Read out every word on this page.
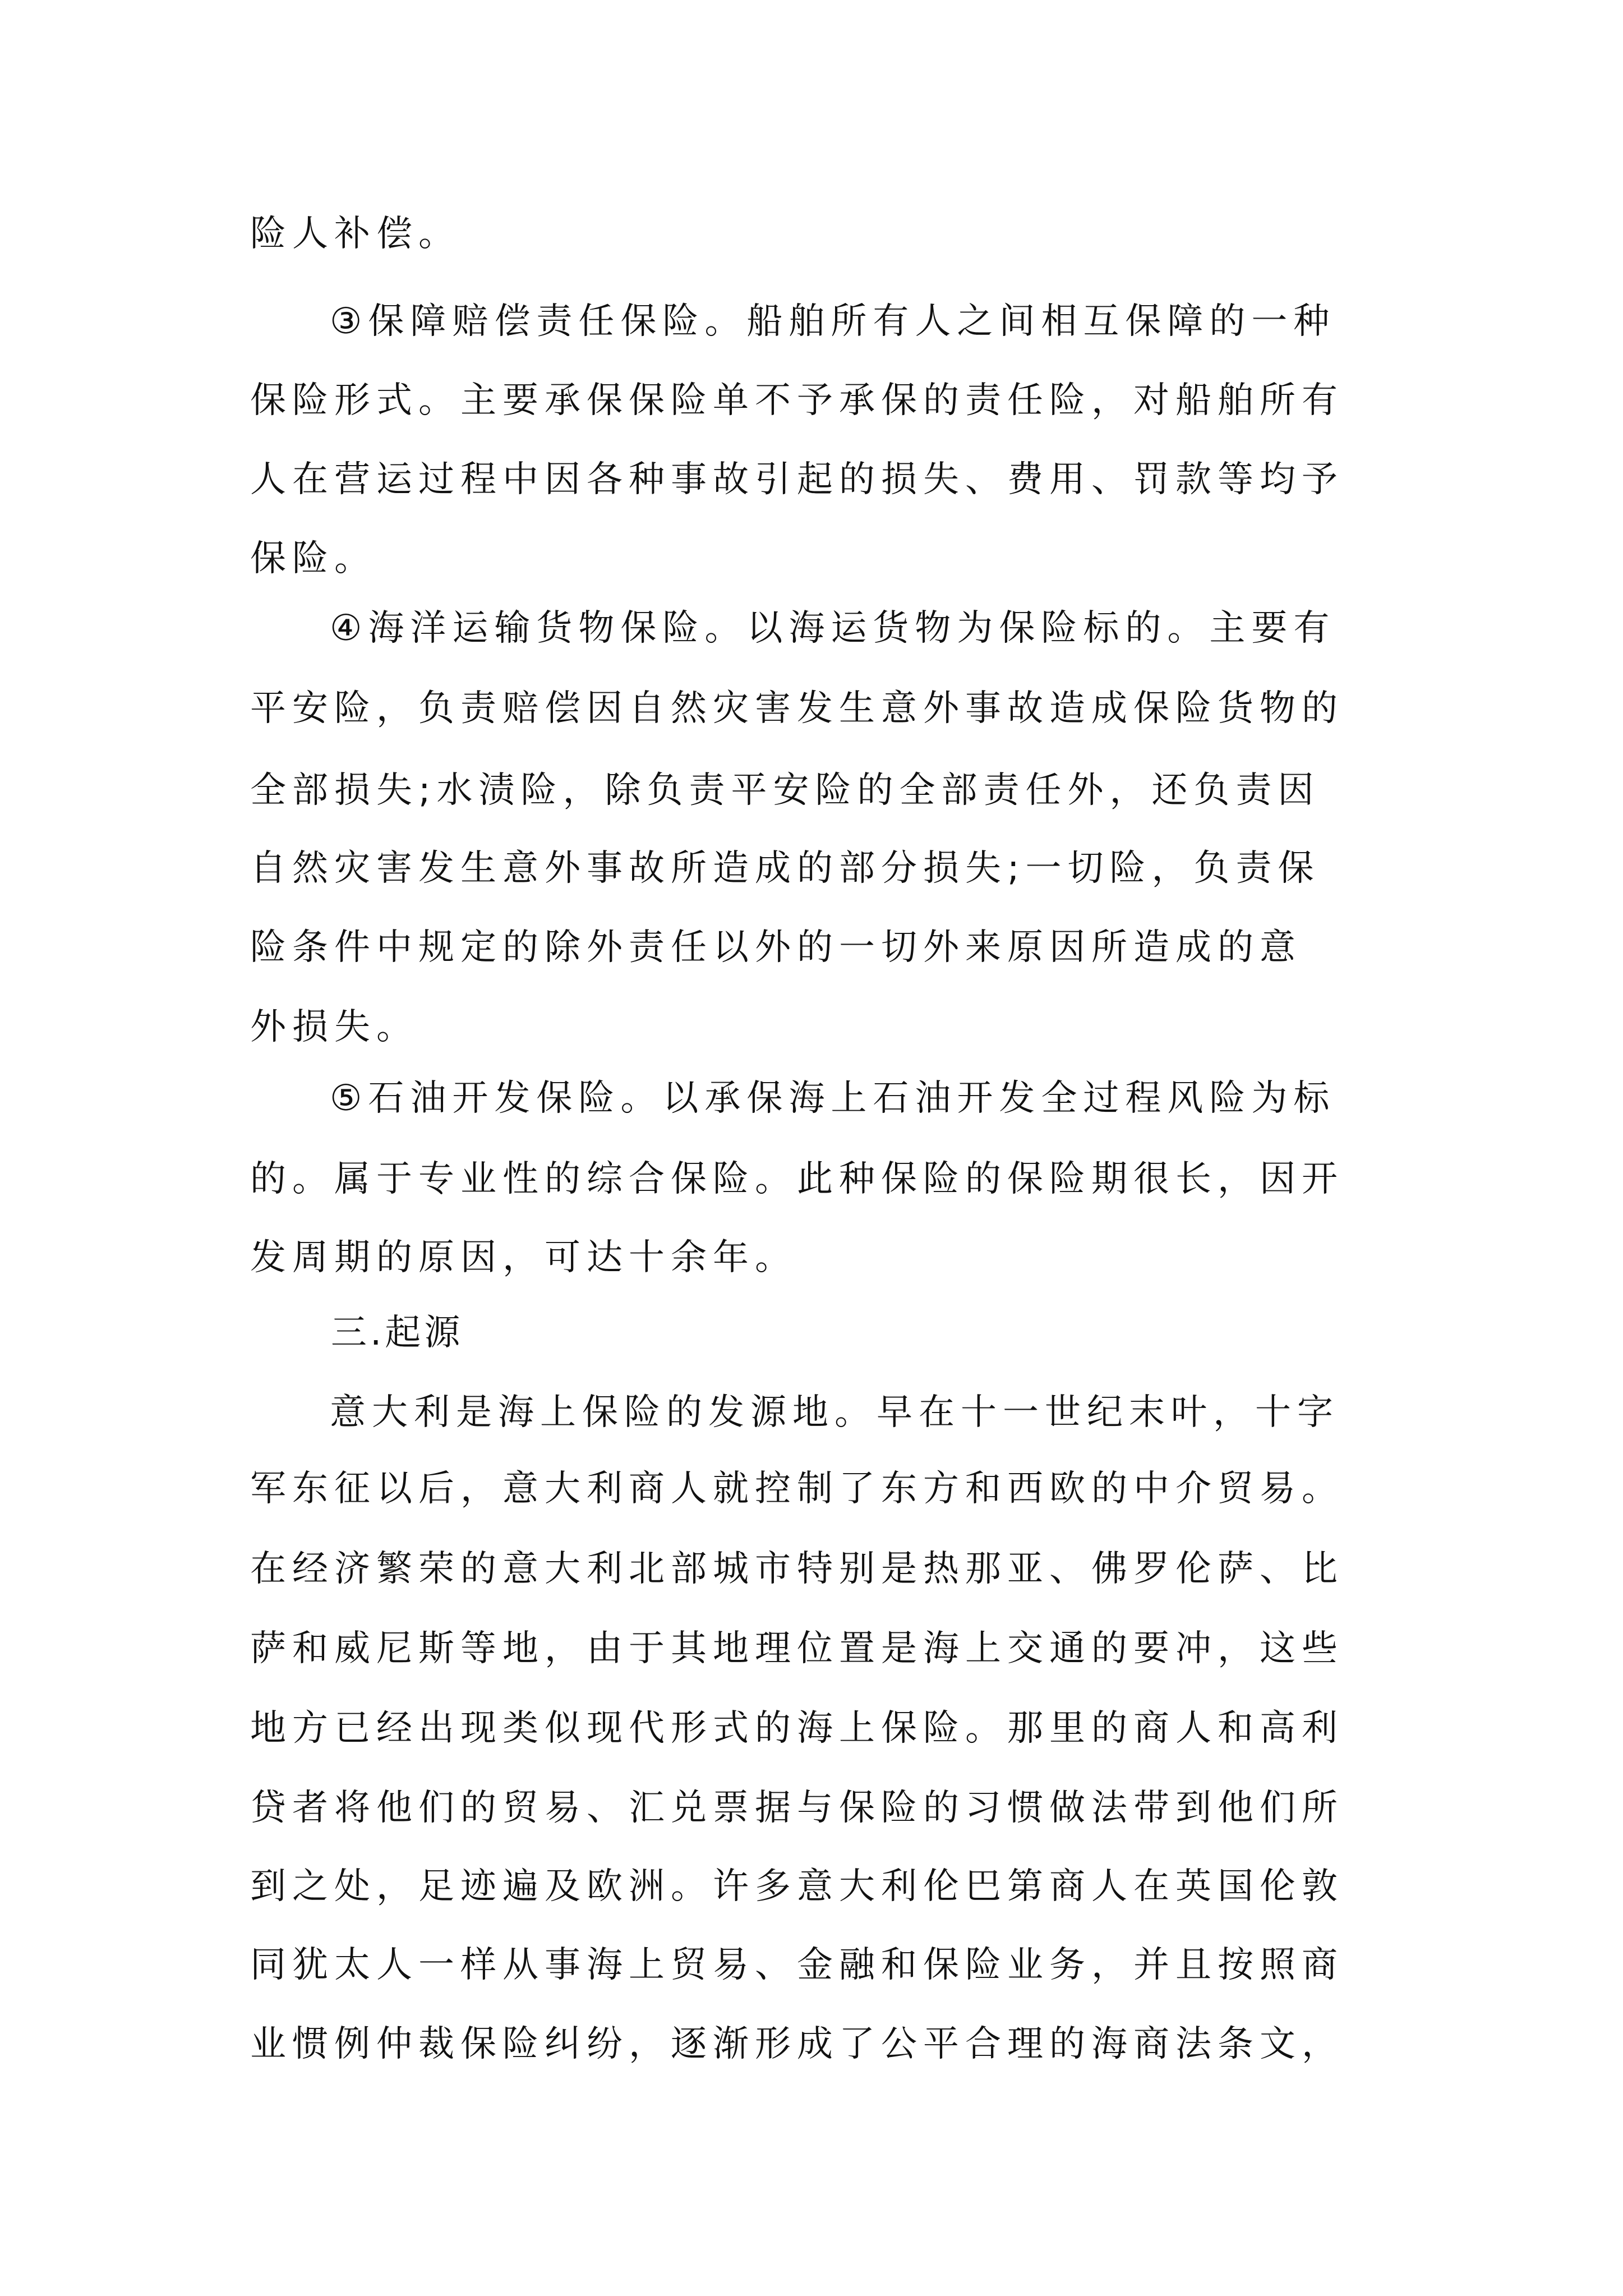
险人补偿。

③保障赔偿责任保险。船舶所有人之间相互保障的一种

保险形式。主要承保保险单不予承保的责任险，对船舶所有

人在营运过程中因各种事故引起的损失、费用、罚款等均予

保险。

④海洋运输货物保险。以海运货物为保险标的。主要有

平安险，负责赔偿因自然灾害发生意外事故造成保险货物的

全部损失;水渍险，除负责平安险的全部责任外，还负责因

自然灾害发生意外事故所造成的部分损失;一切险，负责保

险条件中规定的除外责任以外的一切外来原因所造成的意

外损失。

⑤石油开发保险。以承保海上石油开发全过程风险为标

的。属于专业性的综合保险。此种保险的保险期很长，因开

发周期的原因，可达十余年。

三.起源

意大利是海上保险的发源地。早在十一世纪末叶，十字

军东征以后，意大利商人就控制了东方和西欧的中介贸易。

在经济繁荣的意大利北部城市特别是热那亚、佛罗伦萨、比

萨和威尼斯等地，由于其地理位置是海上交通的要冲，这些

地方已经出现类似现代形式的海上保险。那里的商人和高利

贷者将他们的贸易、汇兑票据与保险的习惯做法带到他们所

到之处，足迹遍及欧洲。许多意大利伦巴第商人在英国伦敦

同犹太人一样从事海上贸易、金融和保险业务，并且按照商

业惯例仲裁保险纠纷，逐渐形成了公平合理的海商法条文，
